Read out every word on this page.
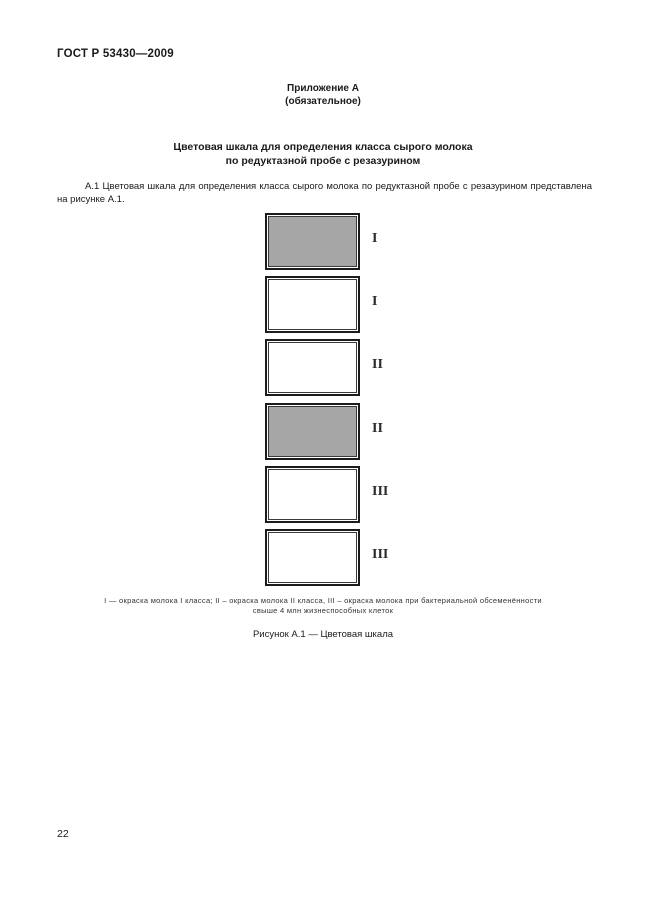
ГОСТ Р 53430—2009
Приложение А
(обязательное)
Цветовая шкала для определения класса сырого молока
по редуктазной пробе с резазурином
А.1 Цветовая шкала для определения класса сырого молока по редуктазной пробе с резазурином представлена на рисунке А.1.
I
I
II
II
III
III
I — окраска молока I класса; II – окраска молока II класса, III – окраска молока при бактериальной обсеменённости
свыше 4 млн жизнеспособных клеток
Рисунок А.1 — Цветовая шкала
22
